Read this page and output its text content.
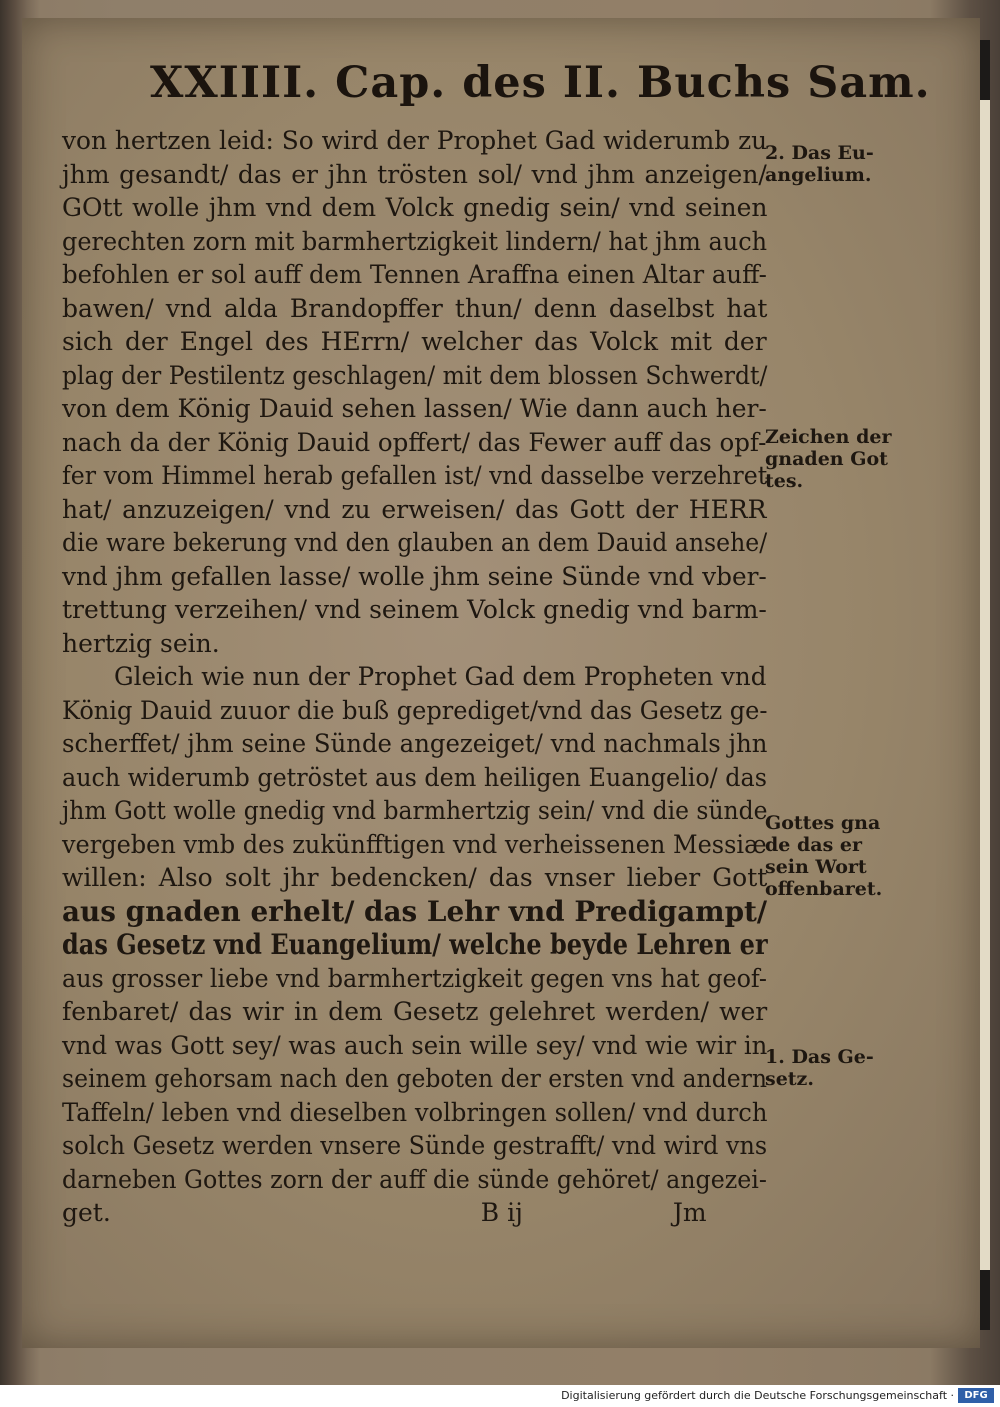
XXIIII. Cap. des II. Buchs Sam.
von hertzen leid: So wird der Prophet Gad widerumb zu
jhm gesandt/ das er jhn trösten sol/ vnd jhm anzeigen/
GOtt wolle jhm vnd dem Volck gnedig sein/ vnd seinen
gerechten zorn mit barmhertzigkeit lindern/ hat jhm auch
befohlen er sol auff dem Tennen Araffna einen Altar auff-
bawen/ vnd alda Brandopffer thun/ denn daselbst hat
sich der Engel des HErrn/ welcher das Volck mit der
plag der Pestilentz geschlagen/ mit dem blossen Schwerdt/
von dem König Dauid sehen lassen/ Wie dann auch her-
nach da der König Dauid opffert/ das Fewer auff das opf-
fer vom Himmel herab gefallen ist/ vnd dasselbe verzehret
hat/ anzuzeigen/ vnd zu erweisen/ das Gott der HERR
die ware bekerung vnd den glauben an dem Dauid ansehe/
vnd jhm gefallen lasse/ wolle jhm seine Sünde vnd vber-
trettung verzeihen/ vnd seinem Volck gnedig vnd barm-
hertzig sein.
Gleich wie nun der Prophet Gad dem Propheten vnd
König Dauid zuuor die buß geprediget/vnd das Gesetz ge-
scherffet/ jhm seine Sünde angezeiget/ vnd nachmals jhn
auch widerumb getröstet aus dem heiligen Euangelio/ das
jhm Gott wolle gnedig vnd barmhertzig sein/ vnd die sünde
vergeben vmb des zukünfftigen vnd verheissenen Messiæ
willen: Also solt jhr bedencken/ das vnser lieber Gott
aus gnaden erhelt/ das Lehr vnd Predigampt/
das Gesetz vnd Euangelium/ welche beyde Lehren er
aus grosser liebe vnd barmhertzigkeit gegen vns hat geof-
fenbaret/ das wir in dem Gesetz gelehret werden/ wer
vnd was Gott sey/ was auch sein wille sey/ vnd wie wir in
seinem gehorsam nach den geboten der ersten vnd andern
Taffeln/ leben vnd dieselben volbringen sollen/ vnd durch
solch Gesetz werden vnsere Sünde gestrafft/ vnd wird vns
darneben Gottes zorn der auff die sünde gehöret/ angezei-
get.	B ij	Jm
2. Das Eu-
angelium.
Zeichen der
gnaden Got
tes.
Gottes gna
de das er
sein Wort
offenbaret.
1. Das Ge-
setz.
Digitalisierung gefördert durch die Deutsche Forschungsgemeinschaft ·	DFG
